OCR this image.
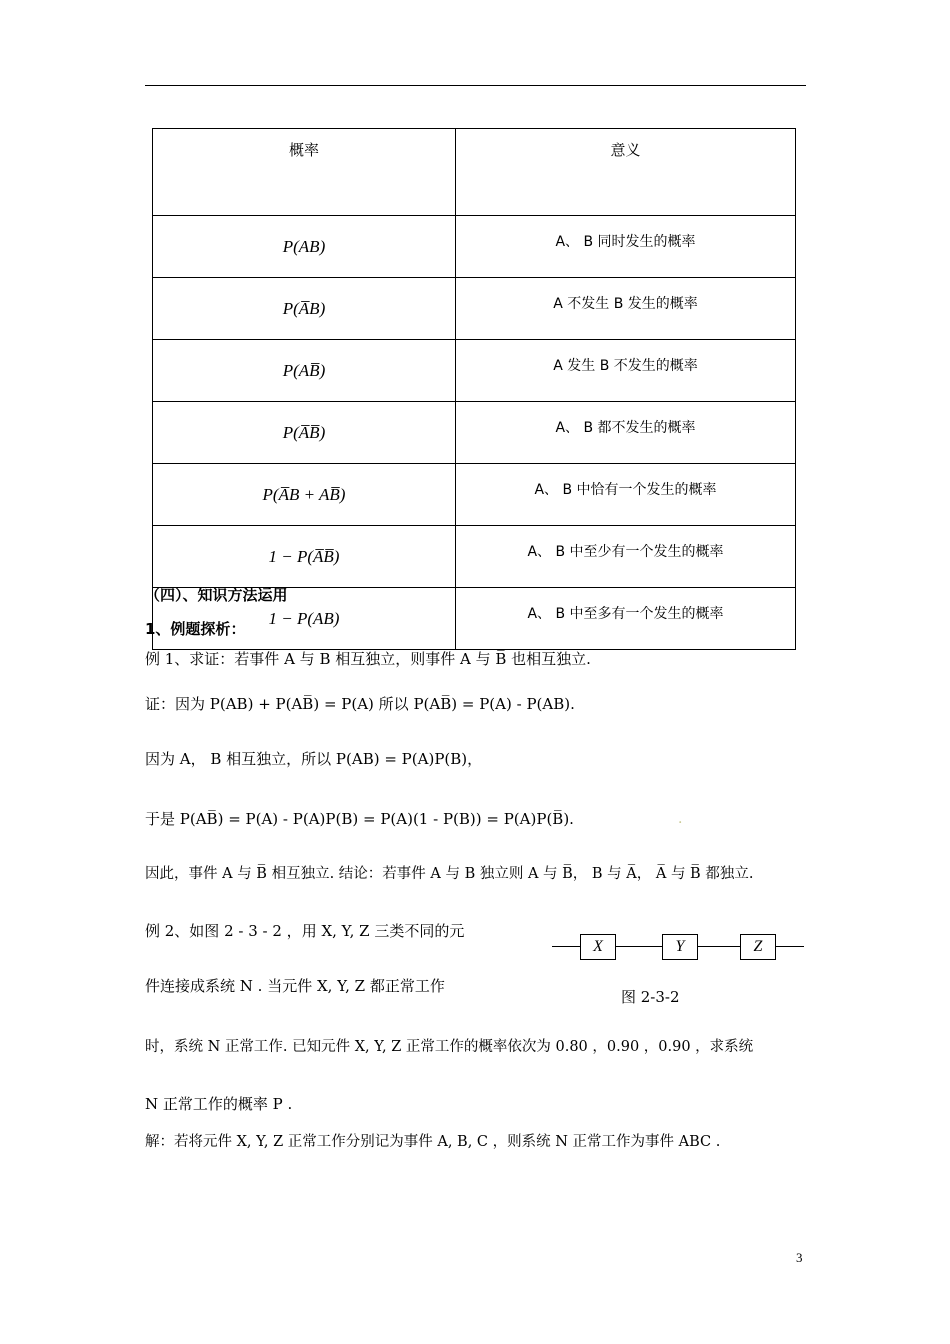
概率	意义
P(AB)	A、 B 同时发生的概率
P(A̅B)	A 不发生 B 发生的概率
P(AB̅)	A 发生 B 不发生的概率
P(A̅B̅)	A、 B 都不发生的概率
P(A̅B + AB̅)	A、 B 中恰有一个发生的概率
1 − P(A̅B̅)	A、 B 中至少有一个发生的概率
1 − P(AB)	A、 B 中至多有一个发生的概率
（四）、知识方法运用
1、例题探析：
例 1、求证：若事件 A 与 B 相互独立，则事件 A 与 B̅ 也相互独立.
证：因为 P(AB) + P(AB̅) = P(A) 所以 P(AB̅) = P(A) - P(AB).
因为 A， B 相互独立，所以 P(AB) = P(A)P(B)，
于是 P(AB̅) = P(A) - P(A)P(B) = P(A)(1 - P(B)) = P(A)P(B̅).	·
因此，事件 A 与 B̅ 相互独立. 结论：若事件 A 与 B 独立则 A 与 B̅， B 与 A̅， A̅ 与 B̅ 都独立.
例 2、如图 2 - 3 - 2 ，用 X, Y, Z 三类不同的元
件连接成系统 N . 当元件 X, Y, Z 都正常工作
时，系统 N 正常工作. 已知元件 X, Y, Z 正常工作的概率依次为 0.80 ，0.90 ，0.90 ，求系统
N 正常工作的概率 P .
解：若将元件 X, Y, Z 正常工作分别记为事件 A, B, C ，则系统 N 正常工作为事件 ABC .
X	Y	Z
图 2-3-2
3
